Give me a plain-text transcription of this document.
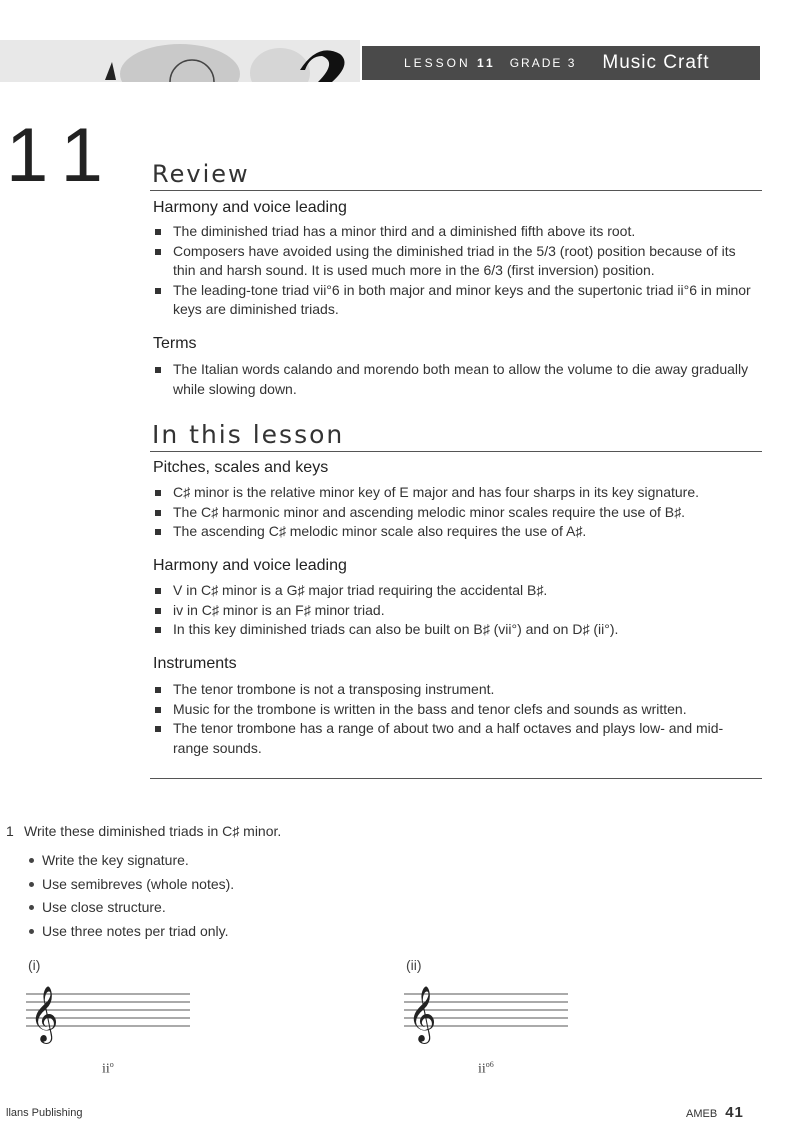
LESSON 11 GRADE 3 Music Craft
11 Review
Harmony and voice leading
The diminished triad has a minor third and a diminished fifth above its root.
Composers have avoided using the diminished triad in the 5/3 (root) position because of its thin and harsh sound. It is used much more in the 6/3 (first inversion) position.
The leading-tone triad vii°6 in both major and minor keys and the supertonic triad ii°6 in minor keys are diminished triads.
Terms
The Italian words calando and morendo both mean to allow the volume to die away gradually while slowing down.
In this lesson
Pitches, scales and keys
C♯ minor is the relative minor key of E major and has four sharps in its key signature.
The C♯ harmonic minor and ascending melodic minor scales require the use of B♯.
The ascending C♯ melodic minor scale also requires the use of A♯.
Harmony and voice leading
V in C♯ minor is a G♯ major triad requiring the accidental B♯.
iv in C♯ minor is an F♯ minor triad.
In this key diminished triads can also be built on B♯ (vii°) and on D♯ (ii°).
Instruments
The tenor trombone is not a transposing instrument.
Music for the trombone is written in the bass and tenor clefs and sounds as written.
The tenor trombone has a range of about two and a half octaves and plays low- and mid-range sounds.
1 Write these diminished triads in C♯ minor.
Write the key signature.
Use semibreves (whole notes).
Use close structure.
Use three notes per triad only.
(i)	(ii)
𝄞	𝄞
$ii^o$	$ii^{o6}$
llans Publishing	AMEB 41
